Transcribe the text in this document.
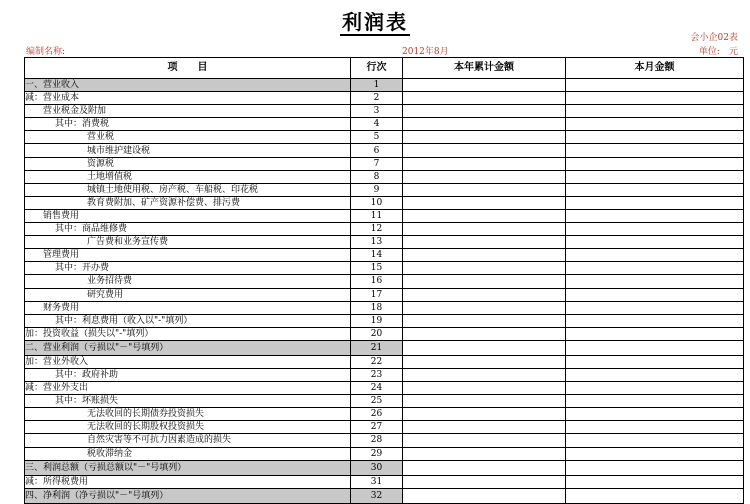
利润表
会小企02表
编制名称:	2012年8月	单位:　 元
项　　目	行次	本年累计金额	本月金额
一、营业收入	1		
减：营业成本	2		
营业税金及附加	3		
其中：消费税	4		
营业税	5		
城市维护建设税	6		
资源税	7		
土地增值税	8		
城镇土地使用税、房产税、车船税、印花税	9		
教育费附加、矿产资源补偿费、排污费	10		
销售费用	11		
其中：商品维修费	12		
广告费和业务宣传费	13		
管理费用	14		
其中：开办费	15		
业务招待费	16		
研究费用	17		
财务费用	18		
其中：利息费用（收入以"-"填列）	19		
加：投资收益（损失以"-"填列）	20		
二、营业利润（亏损以"－"号填列）	21		
加：营业外收入	22		
其中：政府补助	23		
减：营业外支出	24		
其中：坏账损失	25		
无法收回的长期债券投资损失	26		
无法收回的长期股权投资损失	27		
自然灾害等不可抗力因素造成的损失	28		
税收滞纳金	29		
三、利润总额（亏损总额以"－"号填列）	30		
减：所得税费用	31		
四、净利润（净亏损以"－"号填列）	32		
